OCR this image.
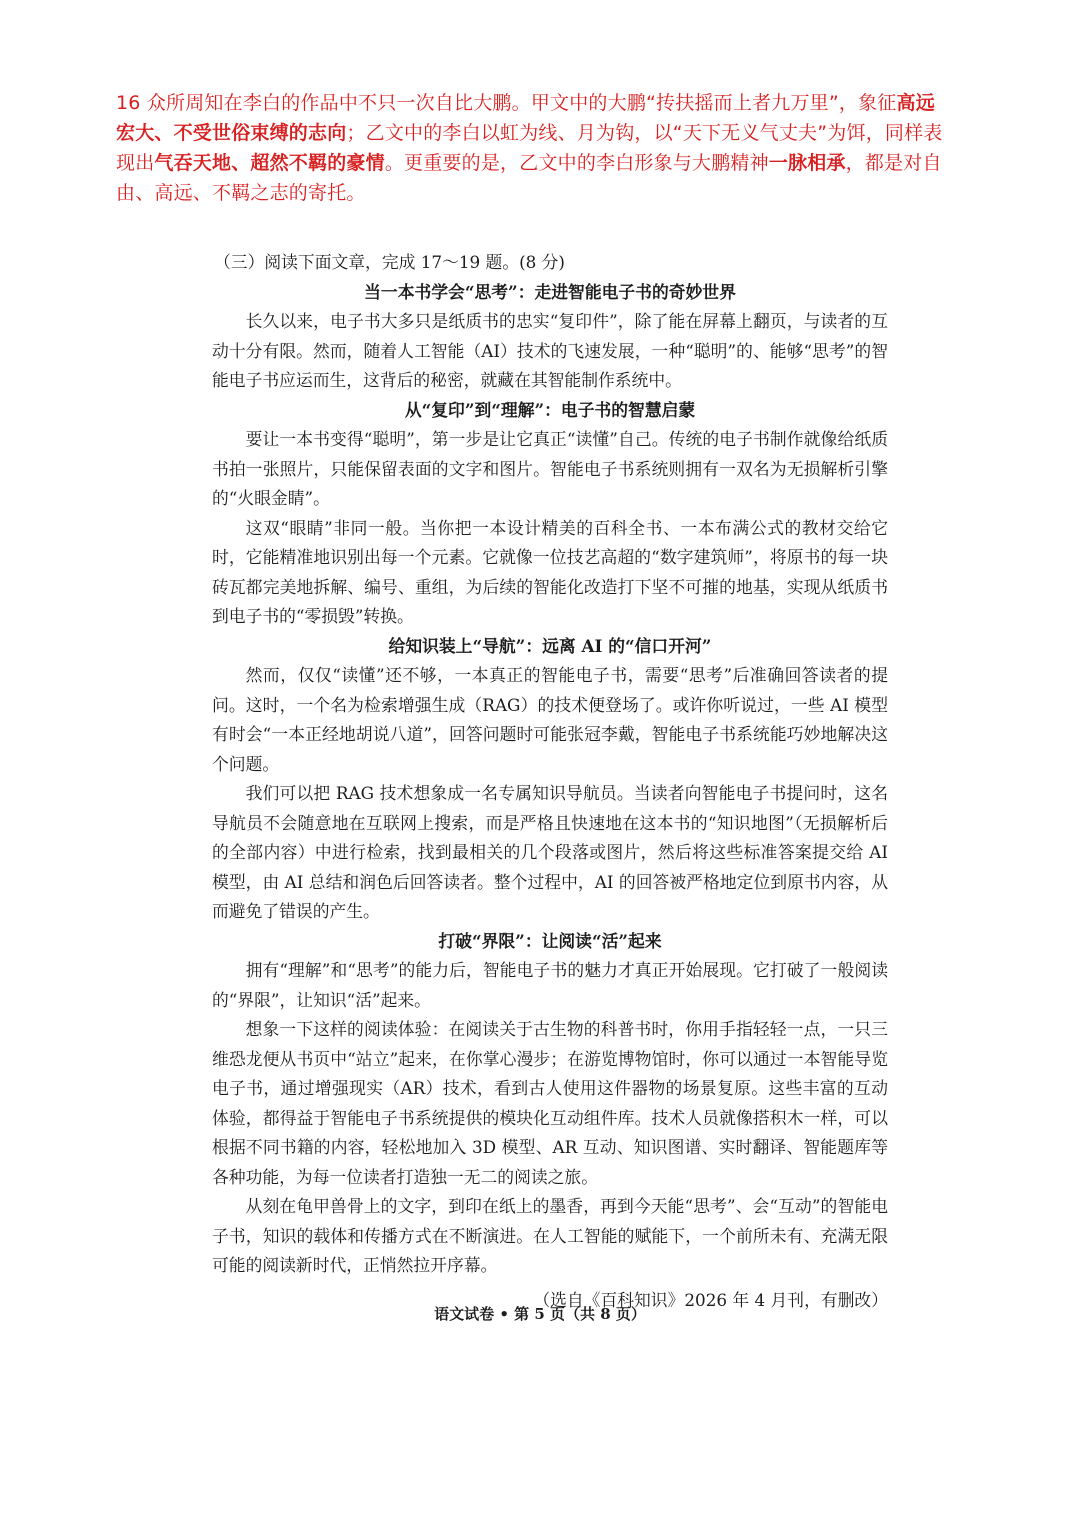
16 众所周知在李白的作品中不只一次自比大鹏。甲文中的大鹏“抟扶摇而上者九万里”，象征高远宏大、不受世俗束缚的志向；乙文中的李白以虹为线、月为钩，以“天下无义气丈夫”为饵，同样表现出气吞天地、超然不羁的豪情。更重要的是，乙文中的李白形象与大鹏精神一脉相承，都是对自由、高远、不羁之志的寄托。

（三）阅读下面文章，完成 17～19 题。(8 分)

当一本书学会“思考”：走进智能电子书的奇妙世界

长久以来，电子书大多只是纸质书的忠实“复印件”，除了能在屏幕上翻页，与读者的互动十分有限。然而，随着人工智能（AI）技术的飞速发展，一种“聪明”的、能够“思考”的智能电子书应运而生，这背后的秘密，就藏在其智能制作系统中。

从“复印”到“理解”：电子书的智慧启蒙

要让一本书变得“聪明”，第一步是让它真正“读懂”自己。传统的电子书制作就像给纸质书拍一张照片，只能保留表面的文字和图片。智能电子书系统则拥有一双名为无损解析引擎的“火眼金睛”。

这双“眼睛”非同一般。当你把一本设计精美的百科全书、一本布满公式的教材交给它时，它能精准地识别出每一个元素。它就像一位技艺高超的“数字建筑师”，将原书的每一块砖瓦都完美地拆解、编号、重组，为后续的智能化改造打下坚不可摧的地基，实现从纸质书到电子书的“零损毁”转换。

给知识装上“导航”：远离 AI 的“信口开河”

然而，仅仅“读懂”还不够，一本真正的智能电子书，需要“思考”后准确回答读者的提问。这时，一个名为检索增强生成（RAG）的技术便登场了。或许你听说过，一些 AI 模型有时会“一本正经地胡说八道”，回答问题时可能张冠李戴，智能电子书系统能巧妙地解决这个问题。

我们可以把 RAG 技术想象成一名专属知识导航员。当读者向智能电子书提问时，这名导航员不会随意地在互联网上搜索，而是严格且快速地在这本书的“知识地图”（无损解析后的全部内容）中进行检索，找到最相关的几个段落或图片，然后将这些标准答案提交给 AI 模型，由 AI 总结和润色后回答读者。整个过程中，AI 的回答被严格地定位到原书内容，从而避免了错误的产生。

打破“界限”：让阅读“活”起来

拥有“理解”和“思考”的能力后，智能电子书的魅力才真正开始展现。它打破了一般阅读的“界限”，让知识“活”起来。

想象一下这样的阅读体验：在阅读关于古生物的科普书时，你用手指轻轻一点，一只三维恐龙便从书页中“站立”起来，在你掌心漫步；在游览博物馆时，你可以通过一本智能导览电子书，通过增强现实（AR）技术，看到古人使用这件器物的场景复原。这些丰富的互动体验，都得益于智能电子书系统提供的模块化互动组件库。技术人员就像搭积木一样，可以根据不同书籍的内容，轻松地加入 3D 模型、AR 互动、知识图谱、实时翻译、智能题库等各种功能，为每一位读者打造独一无二的阅读之旅。

从刻在龟甲兽骨上的文字，到印在纸上的墨香，再到今天能“思考”、会“互动”的智能电子书，知识的载体和传播方式在不断演进。在人工智能的赋能下，一个前所未有、充满无限可能的阅读新时代，正悄然拉开序幕。

（选自《百科知识》2026 年 4 月刊，有删改）

语文试卷 • 第 5 页（共 8 页）
